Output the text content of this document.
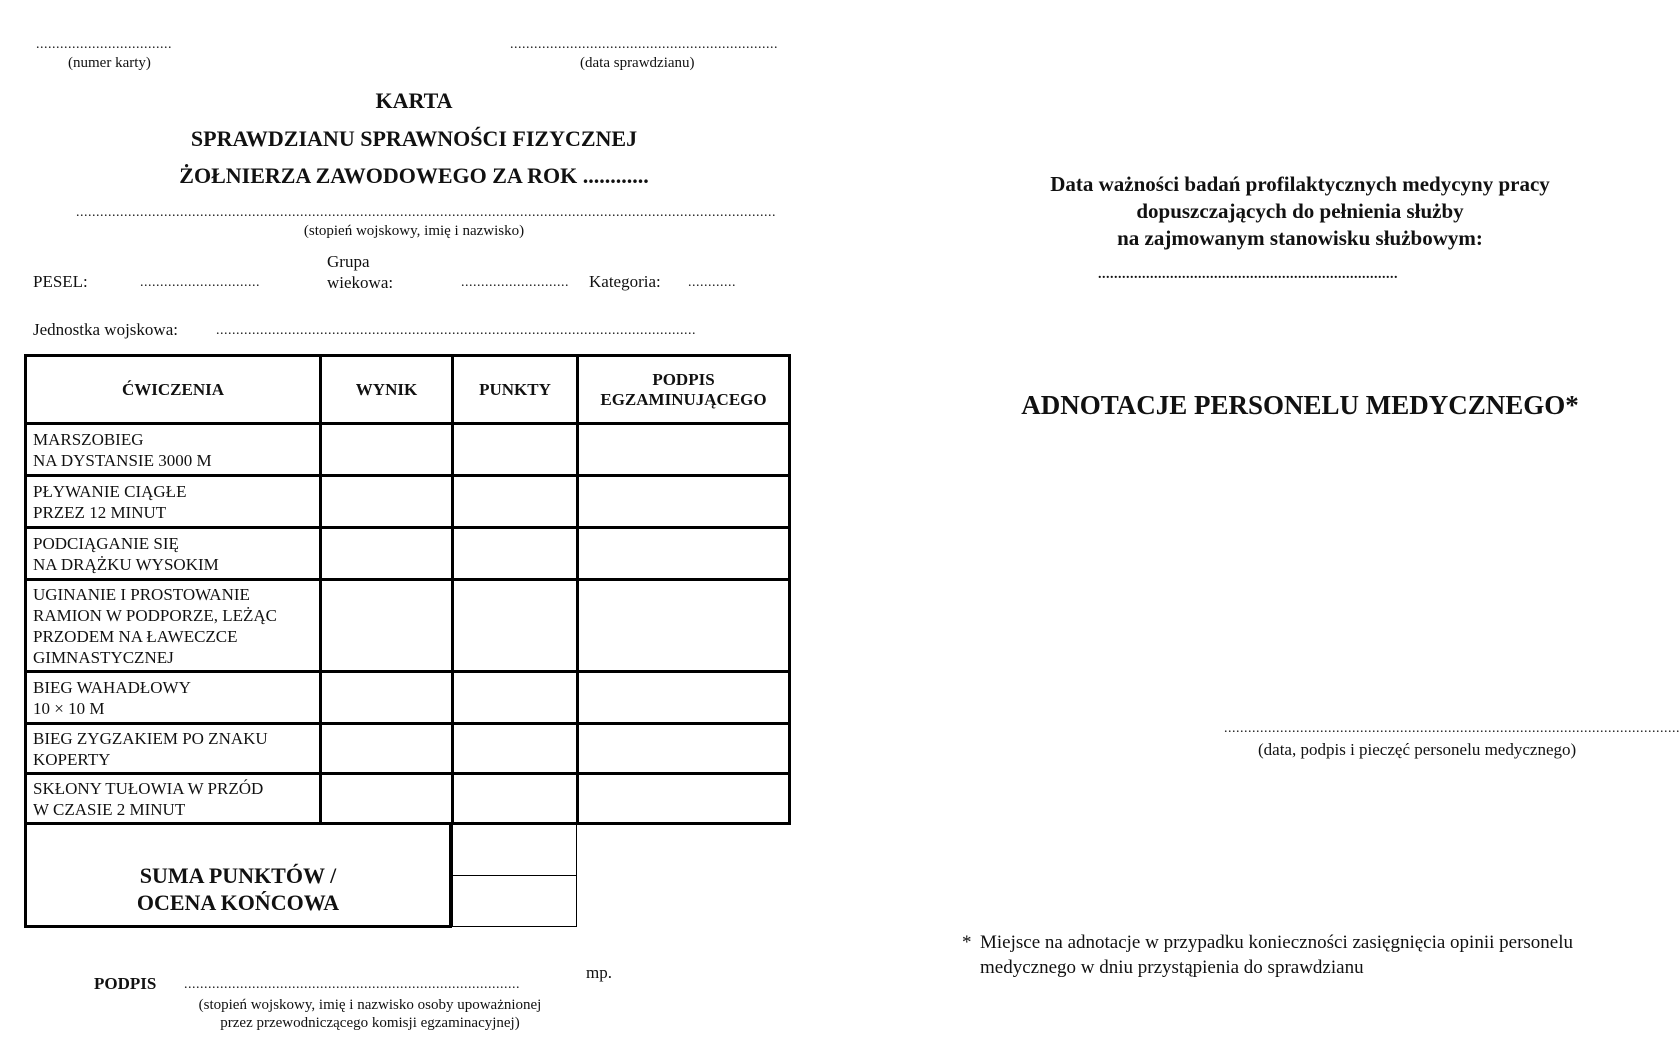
..................................
(numer karty)
...................................................................
(data sprawdzianu)
KARTA
SPRAWDZIANU SPRAWNOŚCI FIZYCZNEJ
ŻOŁNIERZA ZAWODOWEGO ZA ROK ............
...............................................................................................................................................................................
(stopień wojskowy, imię i nazwisko)
PESEL:	..............................
Grupa
wiekowa:	........................... Kategoria: ............
Jednostka wojskowa:	........................................................................................................................
ĆWICZENIA	WYNIK	PUNKTY	PODPIS EGZAMINUJĄCEGO

MARSZOBIEG
NA DYSTANSIE 3000 M			

PŁYWANIE CIĄGŁE
PRZEZ 12 MINUT			

PODCIĄGANIE SIĘ
NA DRĄŻKU WYSOKIM			

UGINANIE I PROSTOWANIE
RAMION W PODPORZE, LEŻĄC
PRZODEM NA ŁAWECZCE
GIMNASTYCZNEJ			

BIEG WAHADŁOWY
10 × 10 M			

BIEG ZYGZAKIEM PO ZNAKU
KOPERTY			

SKŁONY TUŁOWIA W PRZÓD
W CZASIE 2 MINUT			

SUMA PUNKTÓW /
OCENA KOŃCOWA
PODPIS ....................................................................................
mp.
(stopień wojskowy, imię i nazwisko osoby upoważnionej
przez przewodniczącego komisji egzaminacyjnej)
Data ważności badań profilaktycznych medycyny pracy
dopuszczających do pełnienia służby
na zajmowanym stanowisku służbowym:
...........................................................................
ADNOTACJE PERSONELU MEDYCZNEGO*
..................................................................................................................
(data, podpis i pieczęć personelu medycznego)
* Miejsce na adnotacje w przypadku konieczności zasięgnięcia opinii personelu
medycznego w dniu przystąpienia do sprawdzianu
